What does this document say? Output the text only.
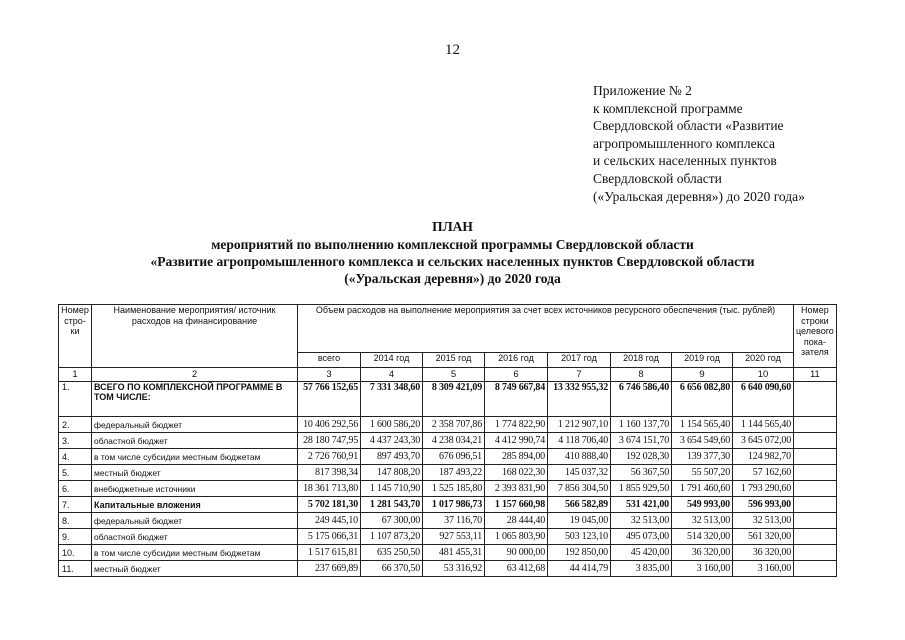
12
Приложение № 2
к комплексной программе
Свердловской области «Развитие
агропромышленного комплекса
и сельских населенных пунктов
Свердловской области
(«Уральская деревня») до 2020 года»
ПЛАН
мероприятий по выполнению комплексной программы Свердловской области
«Развитие агропромышленного комплекса и сельских населенных пунктов Свердловской области
(«Уральская деревня») до 2020 года
Номер стро-ки	Наименование мероприятия/ источник расходов на финансирование	Объем расходов на выполнение мероприятия за счет всех источников ресурсного обеспечения (тыс. рублей)								Номер строки целевого пока-зателя
		всего	2014 год	2015 год	2016 год	2017 год	2018 год	2019 год	2020 год	
1	2	3	4	5	6	7	8	9	10	11
1.	ВСЕГО ПО КОМПЛЕКСНОЙ ПРОГРАММЕ В ТОМ ЧИСЛЕ:	57 766 152,65	7 331 348,60	8 309 421,09	8 749 667,84	13 332 955,32	6 746 586,40	6 656 082,80	6 640 090,60	
2.	федеральный бюджет	10 406 292,56	1 600 586,20	2 358 707,86	1 774 822,90	1 212 907,10	1 160 137,70	1 154 565,40	1 144 565,40	
3.	областной бюджет	28 180 747,95	4 437 243,30	4 238 034,21	4 412 990,74	4 118 706,40	3 674 151,70	3 654 549,60	3 645 072,00	
4.	в том числе субсидии местным бюджетам	2 726 760,91	897 493,70	676 096,51	285 894,00	410 888,40	192 028,30	139 377,30	124 982,70	
5.	местный бюджет	817 398,34	147 808,20	187 493,22	168 022,30	145 037,32	56 367,50	55 507,20	57 162,60	
6.	внебюджетные источники	18 361 713,80	1 145 710,90	1 525 185,80	2 393 831,90	7 856 304,50	1 855 929,50	1 791 460,60	1 793 290,60	
7.	Капитальные вложения	5 702 181,30	1 281 543,70	1 017 986,73	1 157 660,98	566 582,89	531 421,00	549 993,00	596 993,00	
8.	федеральный бюджет	249 445,10	67 300,00	37 116,70	28 444,40	19 045,00	32 513,00	32 513,00	32 513,00	
9.	областной бюджет	5 175 066,31	1 107 873,20	927 553,11	1 065 803,90	503 123,10	495 073,00	514 320,00	561 320,00	
10.	в том числе субсидии местным бюджетам	1 517 615,81	635 250,50	481 455,31	90 000,00	192 850,00	45 420,00	36 320,00	36 320,00	
11.	местный бюджет	237 669,89	66 370,50	53 316,92	63 412,68	44 414,79	3 835,00	3 160,00	3 160,00	
